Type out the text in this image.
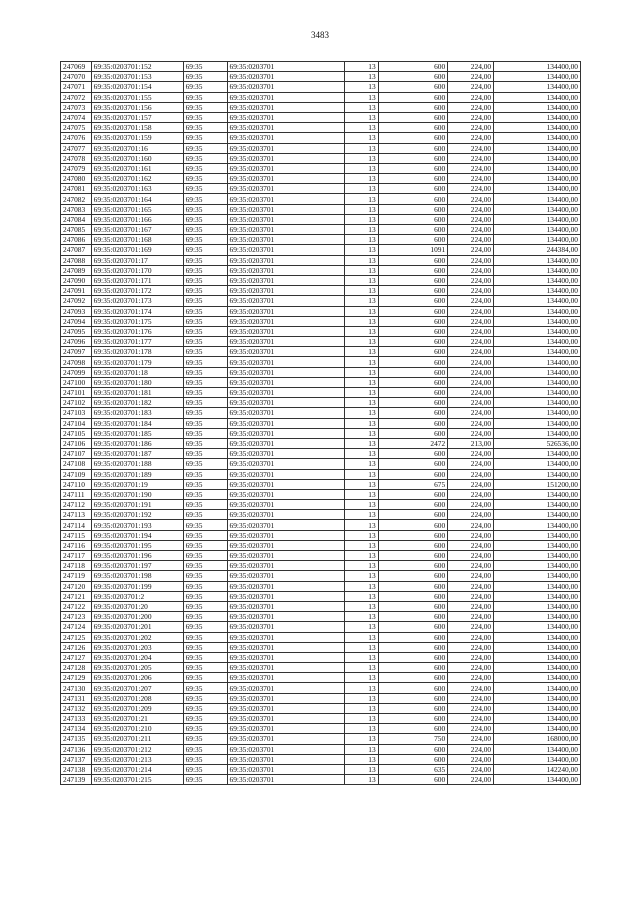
3483
247069	69:35:0203701:152	69:35	69:35:0203701	13	600	224,00	134400,00
247070	69:35:0203701:153	69:35	69:35:0203701	13	600	224,00	134400,00
247071	69:35:0203701:154	69:35	69:35:0203701	13	600	224,00	134400,00
247072	69:35:0203701:155	69:35	69:35:0203701	13	600	224,00	134400,00
247073	69:35:0203701:156	69:35	69:35:0203701	13	600	224,00	134400,00
247074	69:35:0203701:157	69:35	69:35:0203701	13	600	224,00	134400,00
247075	69:35:0203701:158	69:35	69:35:0203701	13	600	224,00	134400,00
247076	69:35:0203701:159	69:35	69:35:0203701	13	600	224,00	134400,00
247077	69:35:0203701:16	69:35	69:35:0203701	13	600	224,00	134400,00
247078	69:35:0203701:160	69:35	69:35:0203701	13	600	224,00	134400,00
247079	69:35:0203701:161	69:35	69:35:0203701	13	600	224,00	134400,00
247080	69:35:0203701:162	69:35	69:35:0203701	13	600	224,00	134400,00
247081	69:35:0203701:163	69:35	69:35:0203701	13	600	224,00	134400,00
247082	69:35:0203701:164	69:35	69:35:0203701	13	600	224,00	134400,00
247083	69:35:0203701:165	69:35	69:35:0203701	13	600	224,00	134400,00
247084	69:35:0203701:166	69:35	69:35:0203701	13	600	224,00	134400,00
247085	69:35:0203701:167	69:35	69:35:0203701	13	600	224,00	134400,00
247086	69:35:0203701:168	69:35	69:35:0203701	13	600	224,00	134400,00
247087	69:35:0203701:169	69:35	69:35:0203701	13	1091	224,00	244384,00
247088	69:35:0203701:17	69:35	69:35:0203701	13	600	224,00	134400,00
247089	69:35:0203701:170	69:35	69:35:0203701	13	600	224,00	134400,00
247090	69:35:0203701:171	69:35	69:35:0203701	13	600	224,00	134400,00
247091	69:35:0203701:172	69:35	69:35:0203701	13	600	224,00	134400,00
247092	69:35:0203701:173	69:35	69:35:0203701	13	600	224,00	134400,00
247093	69:35:0203701:174	69:35	69:35:0203701	13	600	224,00	134400,00
247094	69:35:0203701:175	69:35	69:35:0203701	13	600	224,00	134400,00
247095	69:35:0203701:176	69:35	69:35:0203701	13	600	224,00	134400,00
247096	69:35:0203701:177	69:35	69:35:0203701	13	600	224,00	134400,00
247097	69:35:0203701:178	69:35	69:35:0203701	13	600	224,00	134400,00
247098	69:35:0203701:179	69:35	69:35:0203701	13	600	224,00	134400,00
247099	69:35:0203701:18	69:35	69:35:0203701	13	600	224,00	134400,00
247100	69:35:0203701:180	69:35	69:35:0203701	13	600	224,00	134400,00
247101	69:35:0203701:181	69:35	69:35:0203701	13	600	224,00	134400,00
247102	69:35:0203701:182	69:35	69:35:0203701	13	600	224,00	134400,00
247103	69:35:0203701:183	69:35	69:35:0203701	13	600	224,00	134400,00
247104	69:35:0203701:184	69:35	69:35:0203701	13	600	224,00	134400,00
247105	69:35:0203701:185	69:35	69:35:0203701	13	600	224,00	134400,00
247106	69:35:0203701:186	69:35	69:35:0203701	13	2472	213,00	526536,00
247107	69:35:0203701:187	69:35	69:35:0203701	13	600	224,00	134400,00
247108	69:35:0203701:188	69:35	69:35:0203701	13	600	224,00	134400,00
247109	69:35:0203701:189	69:35	69:35:0203701	13	600	224,00	134400,00
247110	69:35:0203701:19	69:35	69:35:0203701	13	675	224,00	151200,00
247111	69:35:0203701:190	69:35	69:35:0203701	13	600	224,00	134400,00
247112	69:35:0203701:191	69:35	69:35:0203701	13	600	224,00	134400,00
247113	69:35:0203701:192	69:35	69:35:0203701	13	600	224,00	134400,00
247114	69:35:0203701:193	69:35	69:35:0203701	13	600	224,00	134400,00
247115	69:35:0203701:194	69:35	69:35:0203701	13	600	224,00	134400,00
247116	69:35:0203701:195	69:35	69:35:0203701	13	600	224,00	134400,00
247117	69:35:0203701:196	69:35	69:35:0203701	13	600	224,00	134400,00
247118	69:35:0203701:197	69:35	69:35:0203701	13	600	224,00	134400,00
247119	69:35:0203701:198	69:35	69:35:0203701	13	600	224,00	134400,00
247120	69:35:0203701:199	69:35	69:35:0203701	13	600	224,00	134400,00
247121	69:35:0203701:2	69:35	69:35:0203701	13	600	224,00	134400,00
247122	69:35:0203701:20	69:35	69:35:0203701	13	600	224,00	134400,00
247123	69:35:0203701:200	69:35	69:35:0203701	13	600	224,00	134400,00
247124	69:35:0203701:201	69:35	69:35:0203701	13	600	224,00	134400,00
247125	69:35:0203701:202	69:35	69:35:0203701	13	600	224,00	134400,00
247126	69:35:0203701:203	69:35	69:35:0203701	13	600	224,00	134400,00
247127	69:35:0203701:204	69:35	69:35:0203701	13	600	224,00	134400,00
247128	69:35:0203701:205	69:35	69:35:0203701	13	600	224,00	134400,00
247129	69:35:0203701:206	69:35	69:35:0203701	13	600	224,00	134400,00
247130	69:35:0203701:207	69:35	69:35:0203701	13	600	224,00	134400,00
247131	69:35:0203701:208	69:35	69:35:0203701	13	600	224,00	134400,00
247132	69:35:0203701:209	69:35	69:35:0203701	13	600	224,00	134400,00
247133	69:35:0203701:21	69:35	69:35:0203701	13	600	224,00	134400,00
247134	69:35:0203701:210	69:35	69:35:0203701	13	600	224,00	134400,00
247135	69:35:0203701:211	69:35	69:35:0203701	13	750	224,00	168000,00
247136	69:35:0203701:212	69:35	69:35:0203701	13	600	224,00	134400,00
247137	69:35:0203701:213	69:35	69:35:0203701	13	600	224,00	134400,00
247138	69:35:0203701:214	69:35	69:35:0203701	13	635	224,00	142240,00
247139	69:35:0203701:215	69:35	69:35:0203701	13	600	224,00	134400,00
